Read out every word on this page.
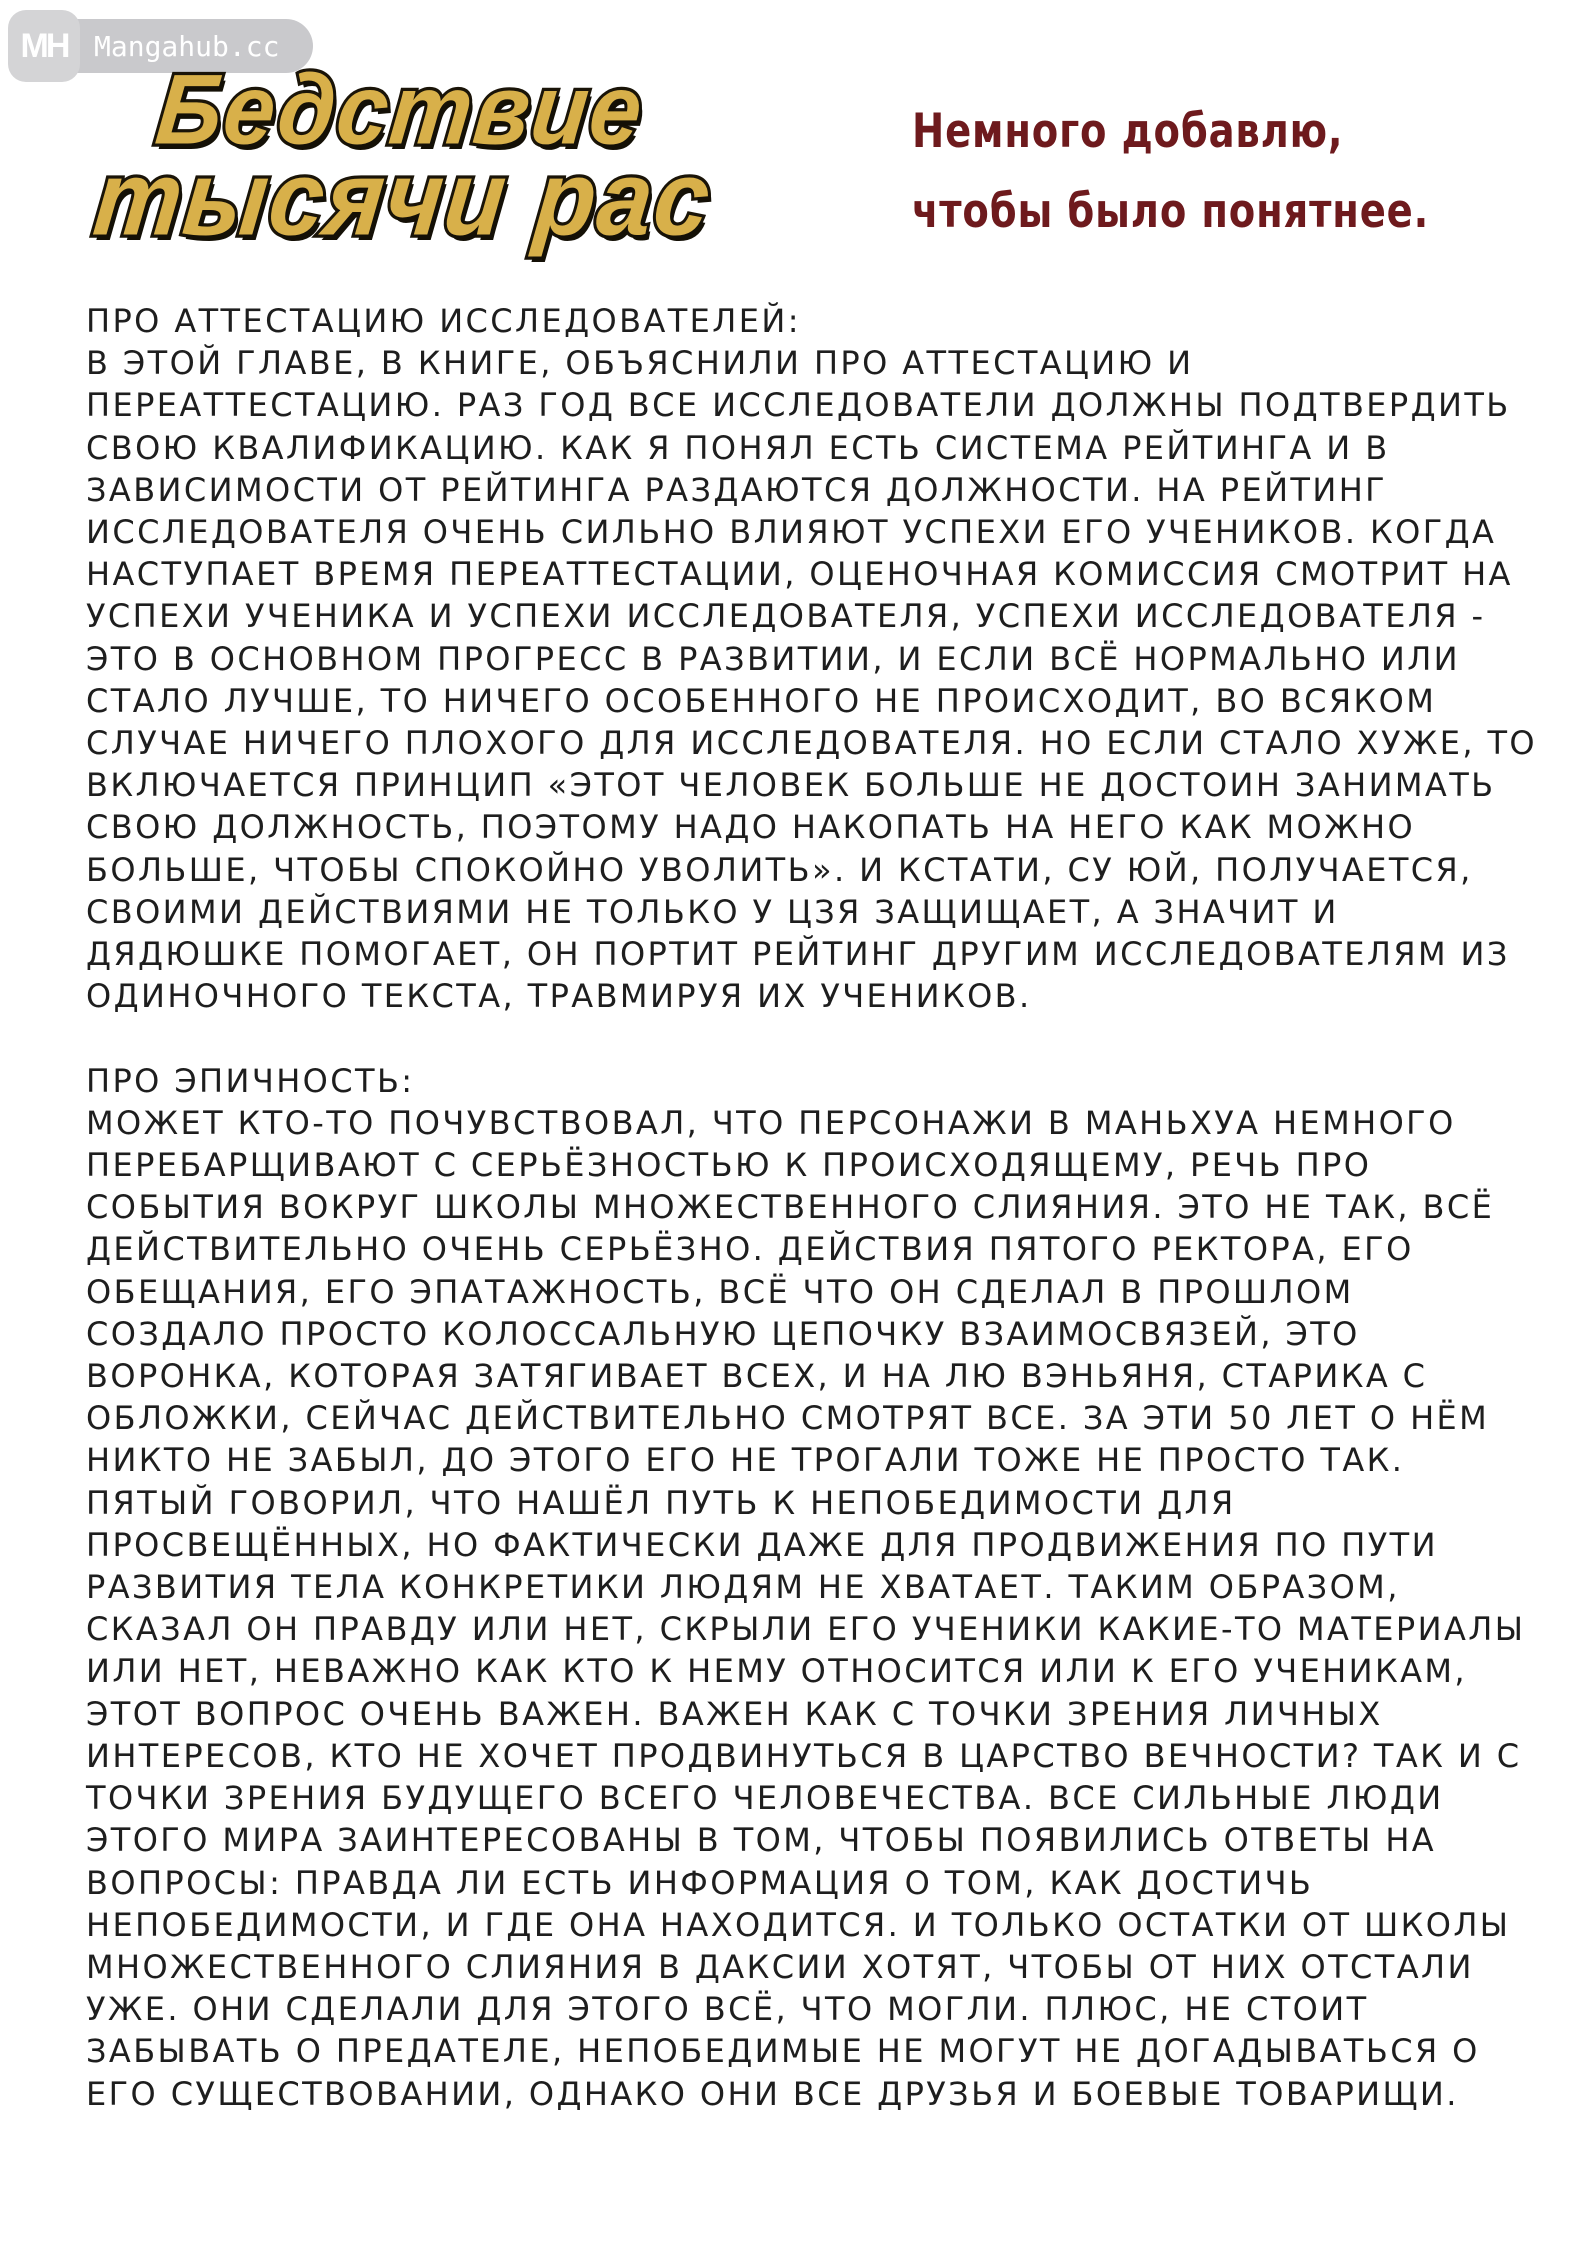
MH Mangahub.cc
Бедствие
тысячи рас
Немного добавлю,
чтобы было понятнее.
ПРО АТТЕСТАЦИЮ ИССЛЕДОВАТЕЛЕЙ:
В ЭТОЙ ГЛАВЕ, В КНИГЕ, ОБЪЯСНИЛИ ПРО АТТЕСТАЦИЮ И ПЕРЕАТТЕСТАЦИЮ. РАЗ ГОД ВСЕ ИССЛЕДОВАТЕЛИ ДОЛЖНЫ ПОДТВЕРДИТЬ СВОЮ КВАЛИФИКАЦИЮ. КАК Я ПОНЯЛ ЕСТЬ СИСТЕМА РЕЙТИНГА И В ЗАВИСИМОСТИ ОТ РЕЙТИНГА РАЗДАЮТСЯ ДОЛЖНОСТИ. НА РЕЙТИНГ ИССЛЕДОВАТЕЛЯ ОЧЕНЬ СИЛЬНО ВЛИЯЮТ УСПЕХИ ЕГО УЧЕНИКОВ. КОГДА НАСТУПАЕТ ВРЕМЯ ПЕРЕАТТЕСТАЦИИ, ОЦЕНОЧНАЯ КОМИССИЯ СМОТРИТ НА УСПЕХИ УЧЕНИКА И УСПЕХИ ИССЛЕДОВАТЕЛЯ, УСПЕХИ ИССЛЕДОВАТЕЛЯ - ЭТО В ОСНОВНОМ ПРОГРЕСС В РАЗВИТИИ, И ЕСЛИ ВСЁ НОРМАЛЬНО ИЛИ СТАЛО ЛУЧШЕ, ТО НИЧЕГО ОСОБЕННОГО НЕ ПРОИСХОДИТ, ВО ВСЯКОМ СЛУЧАЕ НИЧЕГО ПЛОХОГО ДЛЯ ИССЛЕДОВАТЕЛЯ. НО ЕСЛИ СТАЛО ХУЖЕ, ТО ВКЛЮЧАЕТСЯ ПРИНЦИП «ЭТОТ ЧЕЛОВЕК БОЛЬШЕ НЕ ДОСТОИН ЗАНИМАТЬ СВОЮ ДОЛЖНОСТЬ, ПОЭТОМУ НАДО НАКОПАТЬ НА НЕГО КАК МОЖНО БОЛЬШЕ, ЧТОБЫ СПОКОЙНО УВОЛИТЬ». И КСТАТИ, СУ ЮЙ, ПОЛУЧАЕТСЯ, СВОИМИ ДЕЙСТВИЯМИ НЕ ТОЛЬКО У ЦЗЯ ЗАЩИЩАЕТ, А ЗНАЧИТ И ДЯДЮШКЕ ПОМОГАЕТ, ОН ПОРТИТ РЕЙТИНГ ДРУГИМ ИССЛЕДОВАТЕЛЯМ ИЗ ОДИНОЧНОГО ТЕКСТА, ТРАВМИРУЯ ИХ УЧЕНИКОВ.
ПРО ЭПИЧНОСТЬ:
МОЖЕТ КТО-ТО ПОЧУВСТВОВАЛ, ЧТО ПЕРСОНАЖИ В МАНЬХУА НЕМНОГО ПЕРЕБАРЩИВАЮТ С СЕРЬЁЗНОСТЬЮ К ПРОИСХОДЯЩЕМУ, РЕЧЬ ПРО СОБЫТИЯ ВОКРУГ ШКОЛЫ МНОЖЕСТВЕННОГО СЛИЯНИЯ. ЭТО НЕ ТАК, ВСЁ ДЕЙСТВИТЕЛЬНО ОЧЕНЬ СЕРЬЁЗНО. ДЕЙСТВИЯ ПЯТОГО РЕКТОРА, ЕГО ОБЕЩАНИЯ, ЕГО ЭПАТАЖНОСТЬ, ВСЁ ЧТО ОН СДЕЛАЛ В ПРОШЛОМ СОЗДАЛО ПРОСТО КОЛОССАЛЬНУЮ ЦЕПОЧКУ ВЗАИМОСВЯЗЕЙ, ЭТО ВОРОНКА, КОТОРАЯ ЗАТЯГИВАЕТ ВСЕХ, И НА ЛЮ ВЭНЬЯНЯ, СТАРИКА С ОБЛОЖКИ, СЕЙЧАС ДЕЙСТВИТЕЛЬНО СМОТРЯТ ВСЕ. ЗА ЭТИ 50 ЛЕТ О НЁМ НИКТО НЕ ЗАБЫЛ, ДО ЭТОГО ЕГО НЕ ТРОГАЛИ ТОЖЕ НЕ ПРОСТО ТАК. ПЯТЫЙ ГОВОРИЛ, ЧТО НАШЁЛ ПУТЬ К НЕПОБЕДИМОСТИ ДЛЯ ПРОСВЕЩЁННЫХ, НО ФАКТИЧЕСКИ ДАЖЕ ДЛЯ ПРОДВИЖЕНИЯ ПО ПУТИ РАЗВИТИЯ ТЕЛА КОНКРЕТИКИ ЛЮДЯМ НЕ ХВАТАЕТ. ТАКИМ ОБРАЗОМ, СКАЗАЛ ОН ПРАВДУ ИЛИ НЕТ, СКРЫЛИ ЕГО УЧЕНИКИ КАКИЕ-ТО МАТЕРИАЛЫ ИЛИ НЕТ, НЕВАЖНО КАК КТО К НЕМУ ОТНОСИТСЯ ИЛИ К ЕГО УЧЕНИКАМ, ЭТОТ ВОПРОС ОЧЕНЬ ВАЖЕН. ВАЖЕН КАК С ТОЧКИ ЗРЕНИЯ ЛИЧНЫХ ИНТЕРЕСОВ, КТО НЕ ХОЧЕТ ПРОДВИНУТЬСЯ В ЦАРСТВО ВЕЧНОСТИ? ТАК И С ТОЧКИ ЗРЕНИЯ БУДУЩЕГО ВСЕГО ЧЕЛОВЕЧЕСТВА. ВСЕ СИЛЬНЫЕ ЛЮДИ ЭТОГО МИРА ЗАИНТЕРЕСОВАНЫ В ТОМ, ЧТОБЫ ПОЯВИЛИСЬ ОТВЕТЫ НА ВОПРОСЫ: ПРАВДА ЛИ ЕСТЬ ИНФОРМАЦИЯ О ТОМ, КАК ДОСТИЧЬ НЕПОБЕДИМОСТИ, И ГДЕ ОНА НАХОДИТСЯ. И ТОЛЬКО ОСТАТКИ ОТ ШКОЛЫ МНОЖЕСТВЕННОГО СЛИЯНИЯ В ДАКСИИ ХОТЯТ, ЧТОБЫ ОТ НИХ ОТСТАЛИ УЖЕ. ОНИ СДЕЛАЛИ ДЛЯ ЭТОГО ВСЁ, ЧТО МОГЛИ. ПЛЮС, НЕ СТОИТ ЗАБЫВАТЬ О ПРЕДАТЕЛЕ, НЕПОБЕДИМЫЕ НЕ МОГУТ НЕ ДОГАДЫВАТЬСЯ О ЕГО СУЩЕСТВОВАНИИ, ОДНАКО ОНИ ВСЕ ДРУЗЬЯ И БОЕВЫЕ ТОВАРИЩИ.
